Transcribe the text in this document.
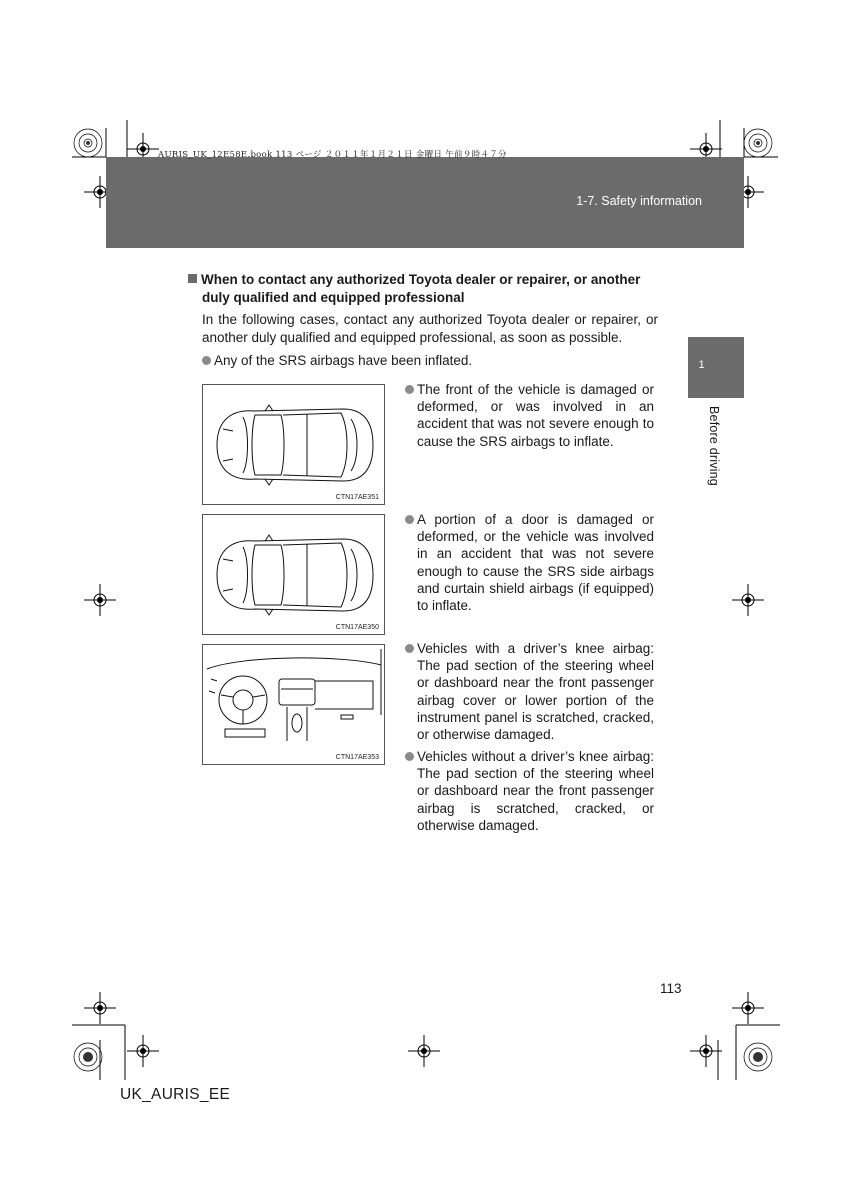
AURIS_UK_12E58E.book 113 ページ ２０１１年１月２１日 金曜日 午前９時４７分
1-7. Safety information
1
Before driving
When to contact any authorized Toyota dealer or repairer, or another
duly qualified and equipped professional
In the following cases, contact any authorized Toyota dealer or repairer, or another duly qualified and equipped professional, as soon as possible.
Any of the SRS airbags have been inflated.
CTN17AE351
CTN17AE350
CTN17AE353
The front of the vehicle is damaged or deformed, or was involved in an accident that was not severe enough to cause the SRS airbags to inflate.
A portion of a door is damaged or deformed, or the vehicle was involved in an accident that was not severe enough to cause the SRS side airbags and curtain shield airbags (if equipped) to inflate.
Vehicles with a driver’s knee airbag: The pad section of the steering wheel or dashboard near the front passenger airbag cover or lower portion of the instrument panel is scratched, cracked, or otherwise damaged.
Vehicles without a driver’s knee airbag: The pad section of the steering wheel or dashboard near the front passenger airbag is scratched, cracked, or otherwise damaged.
113
UK_AURIS_EE
